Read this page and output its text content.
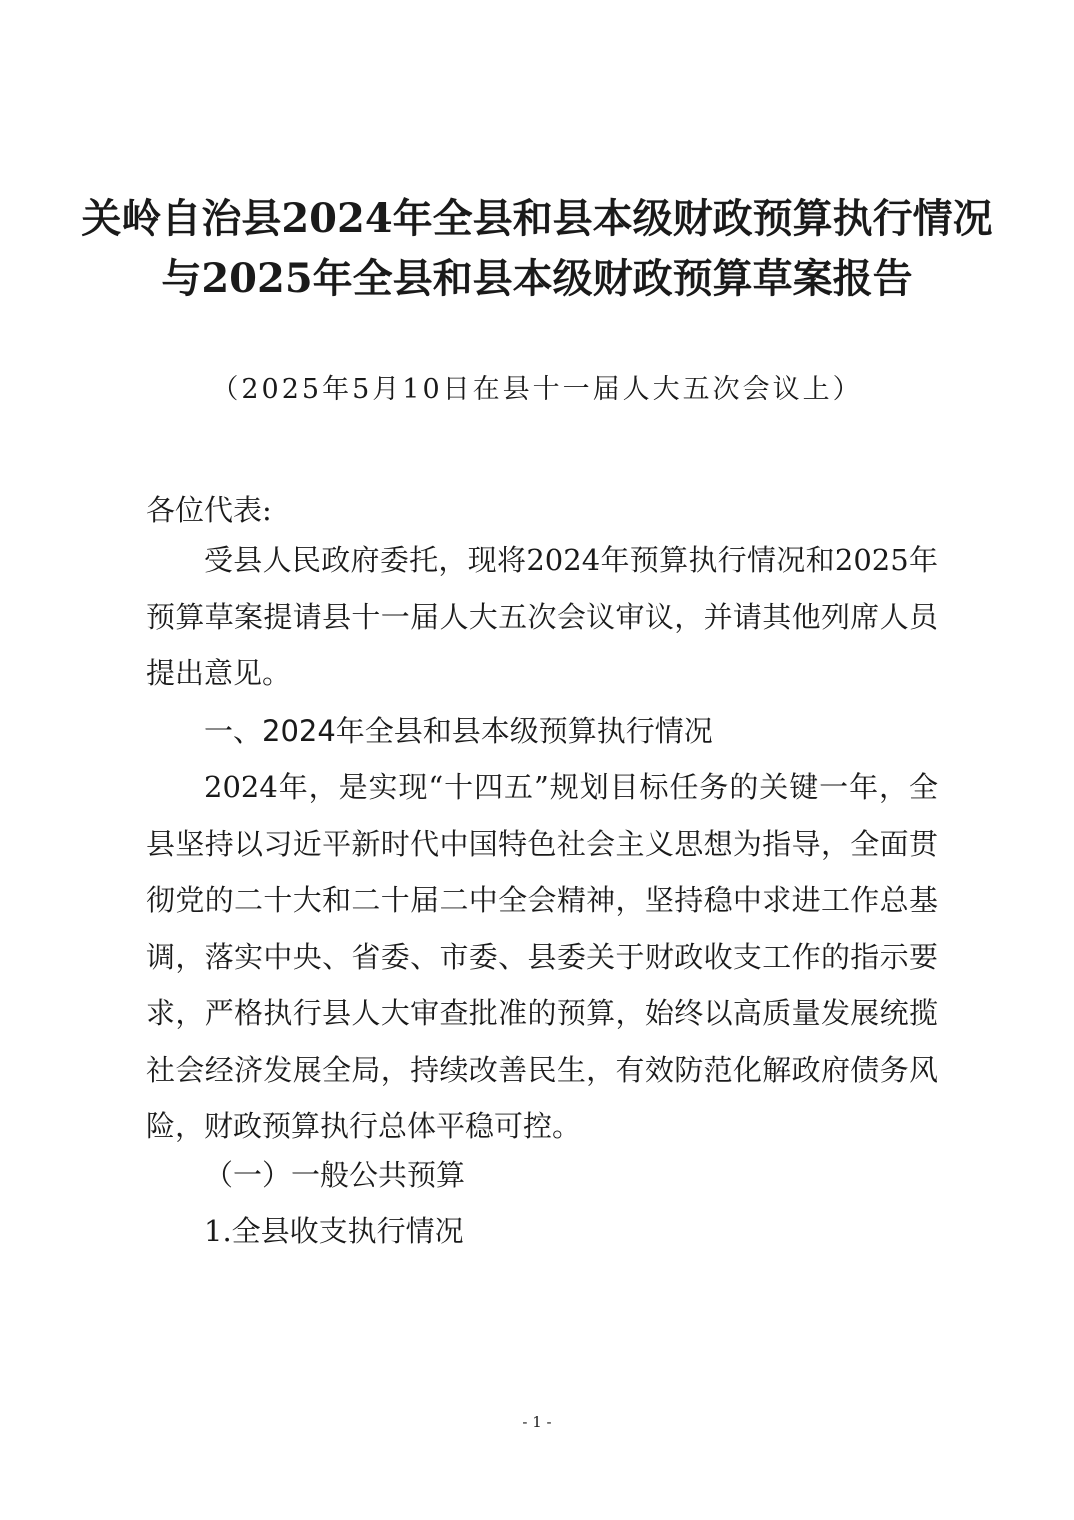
关岭自治县2024年全县和县本级财政预算执行情况
与2025年全县和县本级财政预算草案报告
（2025年5月10日在县十一届人大五次会议上）
各位代表:

受县人民政府委托，现将2024年预算执行情况和2025年预算草案提请县十一届人大五次会议审议，并请其他列席人员提出意见。

一、2024年全县和县本级预算执行情况

2024年，是实现“十四五”规划目标任务的关键一年，全县坚持以习近平新时代中国特色社会主义思想为指导，全面贯彻党的二十大和二十届二中全会精神，坚持稳中求进工作总基调，落实中央、省委、市委、县委关于财政收支工作的指示要求，严格执行县人大审查批准的预算，始终以高质量发展统揽社会经济发展全局，持续改善民生，有效防范化解政府债务风险，财政预算执行总体平稳可控。

（一）一般公共预算
1.全县收支执行情况
- 1 -
